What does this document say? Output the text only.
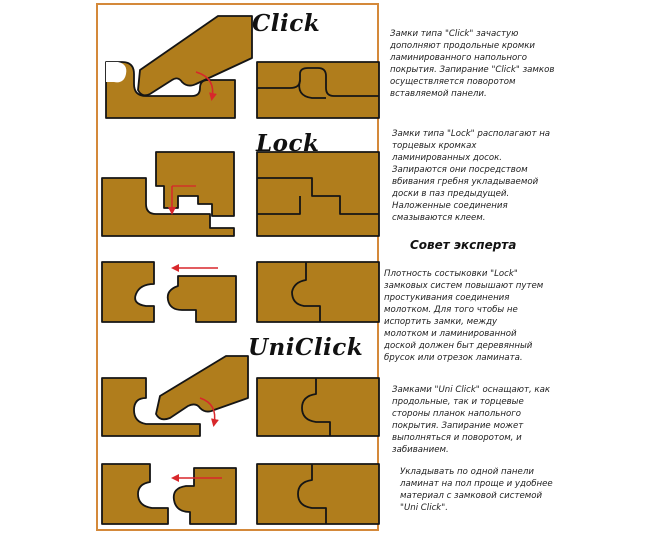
Click
Lock
UniClick
Замки типа "Click" зачастую
дополняют продольные кромки
ламинированного напольного
покрытия. Запирание "Click" замков
осуществляется поворотом
вставляемой панели.
Замки типа "Lock" располагают на
торцевых кромках
ламинированных досок.
Запираются они посредством
вбивания гребня укладываемой
доски в паз предыдущей.
Наложенные соединения
смазываются клеем.
Совет эксперта
Плотность состыковки "Lock"
замковых систем повышают путем
простукивания соединения
молотком. Для того чтобы не
испортить замки, между
молотком и ламинированной
доской должен быт деревянный
брусок или отрезок ламината.
Замками "Uni Click" оснащают, как
продольные, так и торцевые
стороны планок напольного
покрытия. Запирание может
выполняться и поворотом, и
забиванием.
Укладывать по одной панели
ламинат на пол проще и удобнее
материал с замковой системой
"Uni Click".
